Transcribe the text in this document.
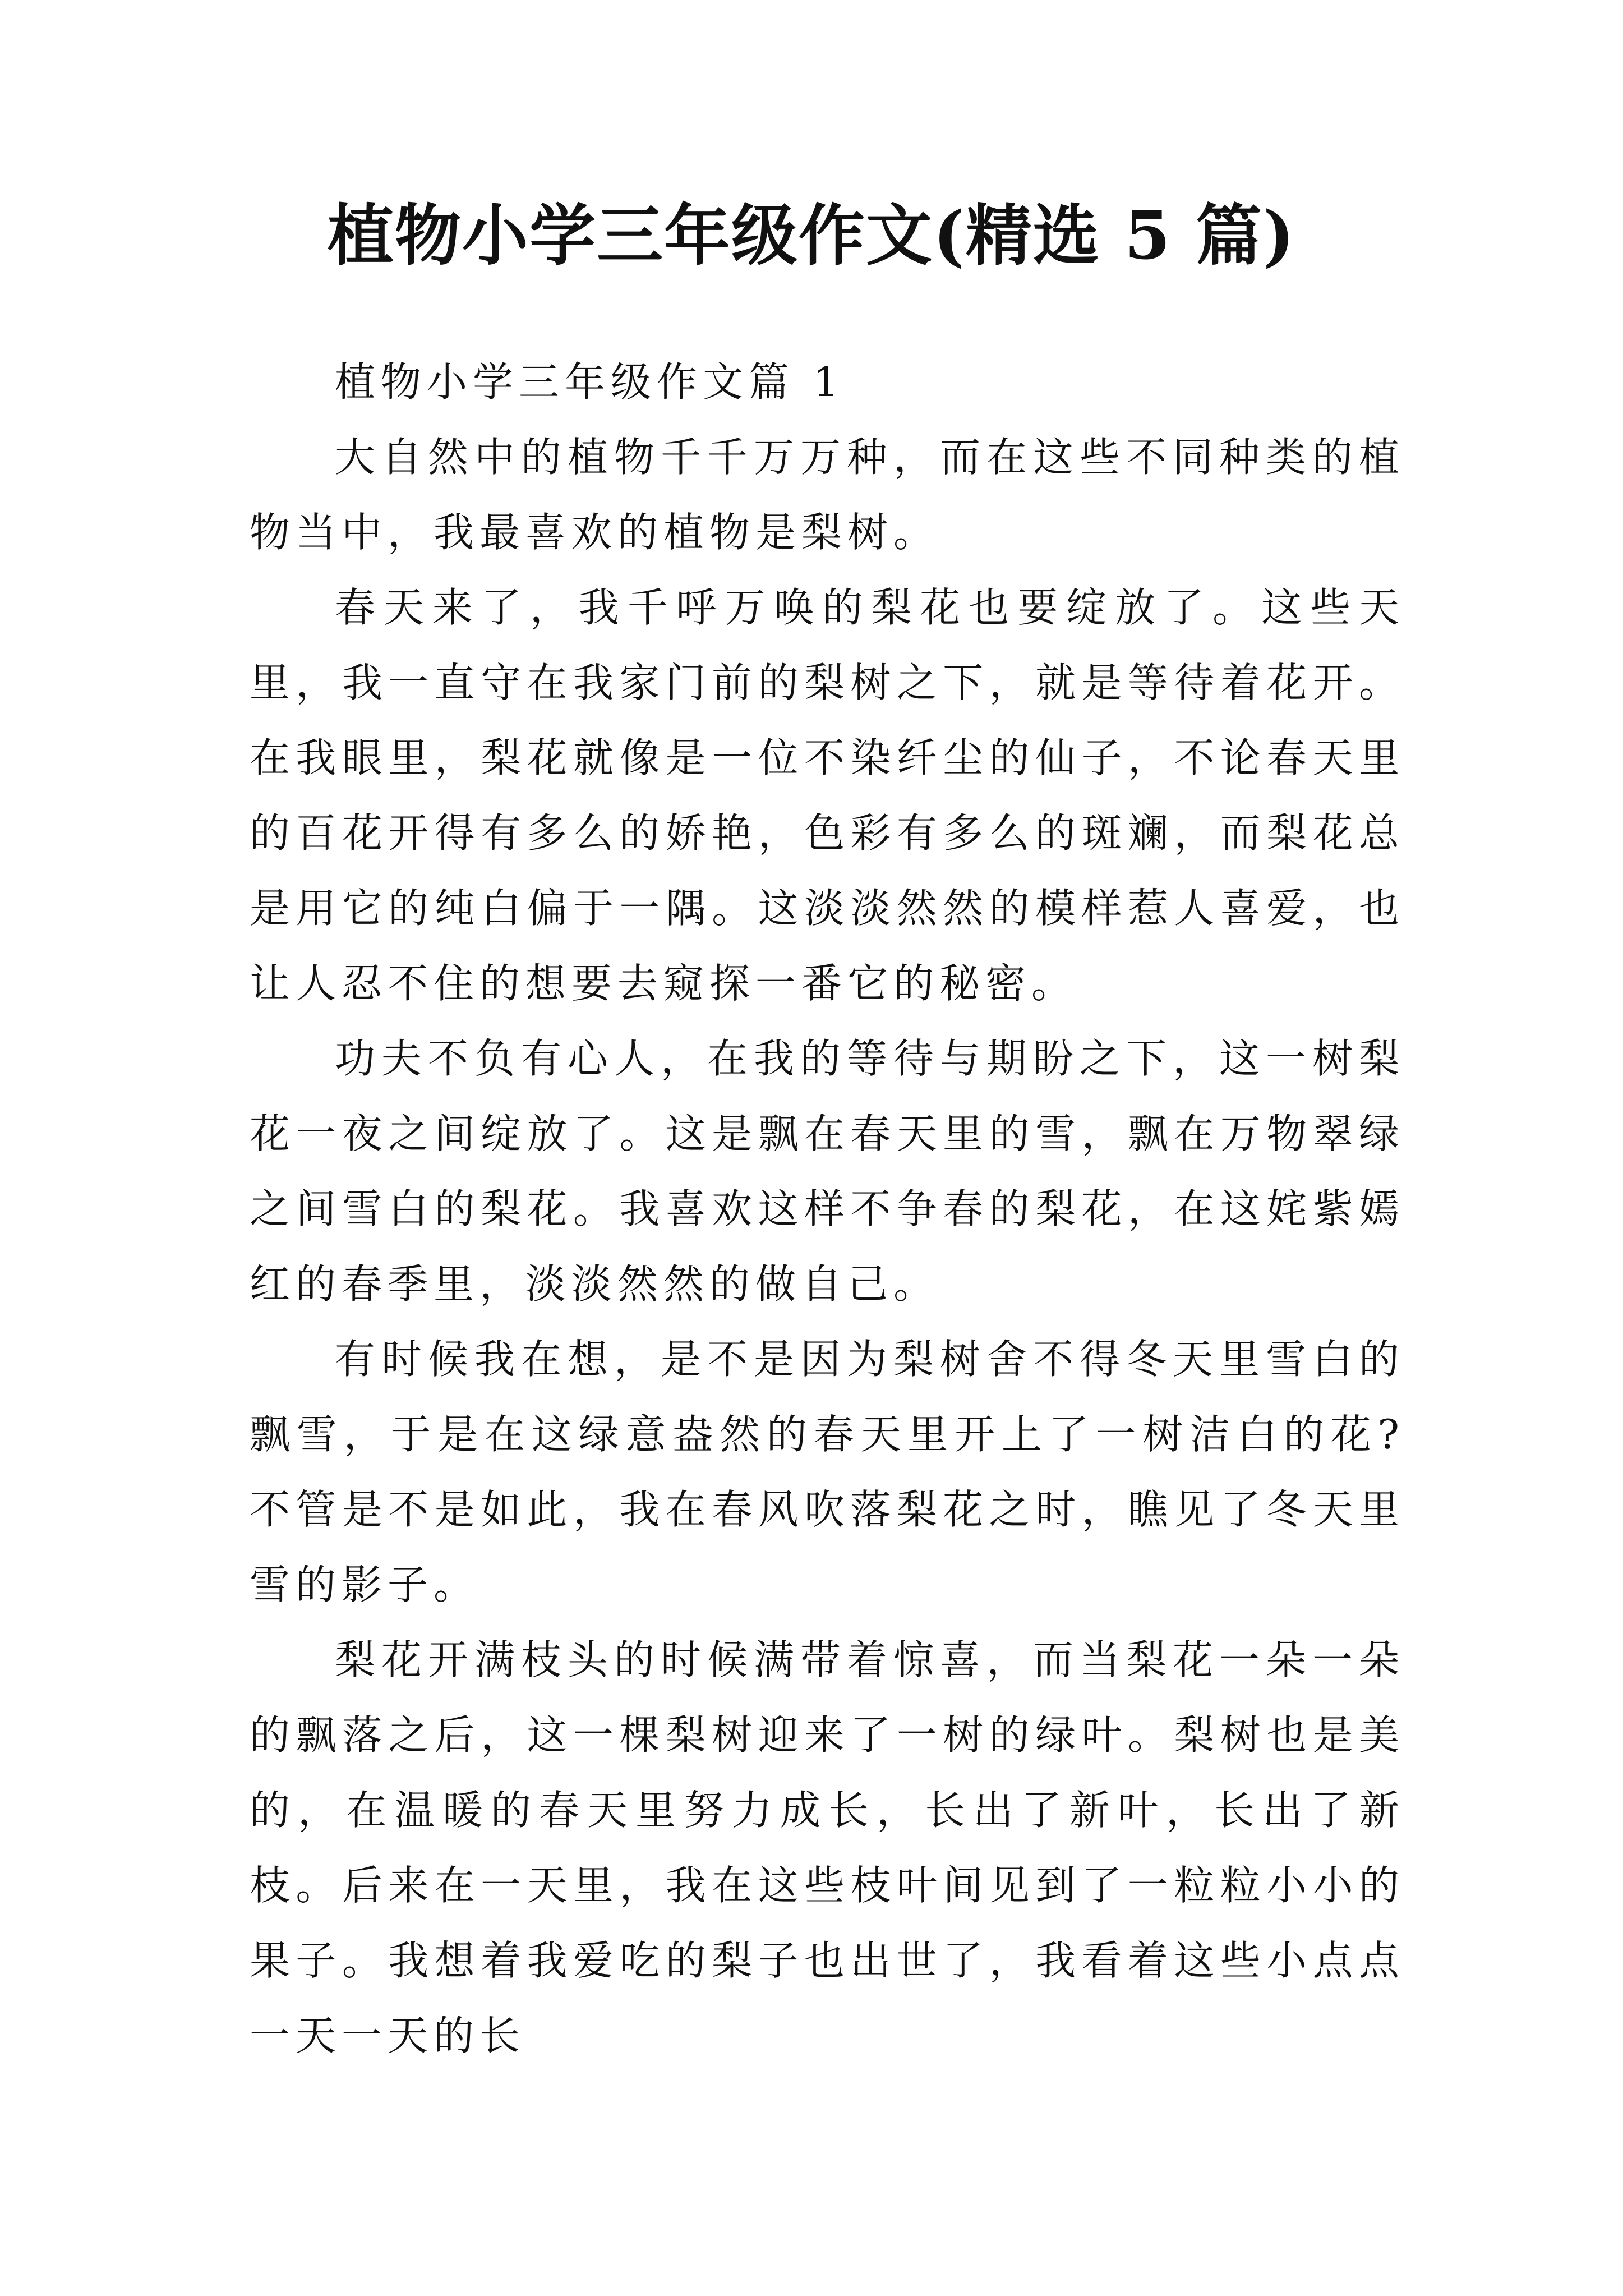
植物小学三年级作文(精选 5 篇)

植物小学三年级作文篇 1

大自然中的植物千千万万种，而在这些不同种类的植物当中，我最喜欢的植物是梨树。

春天来了，我千呼万唤的梨花也要绽放了。这些天里，我一直守在我家门前的梨树之下，就是等待着花开。在我眼里，梨花就像是一位不染纤尘的仙子，不论春天里的百花开得有多么的娇艳，色彩有多么的斑斓，而梨花总是用它的纯白偏于一隅。这淡淡然然的模样惹人喜爱，也让人忍不住的想要去窥探一番它的秘密。

功夫不负有心人，在我的等待与期盼之下，这一树梨花一夜之间绽放了。这是飘在春天里的雪，飘在万物翠绿之间雪白的梨花。我喜欢这样不争春的梨花，在这姹紫嫣红的春季里，淡淡然然的做自己。

有时候我在想，是不是因为梨树舍不得冬天里雪白的飘雪，于是在这绿意盎然的春天里开上了一树洁白的花?不管是不是如此，我在春风吹落梨花之时，瞧见了冬天里雪的影子。

梨花开满枝头的时候满带着惊喜，而当梨花一朵一朵的飘落之后，这一棵梨树迎来了一树的绿叶。梨树也是美的，在温暖的春天里努力成长，长出了新叶，长出了新枝。后来在一天里，我在这些枝叶间见到了一粒粒小小的果子。我想着我爱吃的梨子也出世了，我看着这些小点点一天一天的长
